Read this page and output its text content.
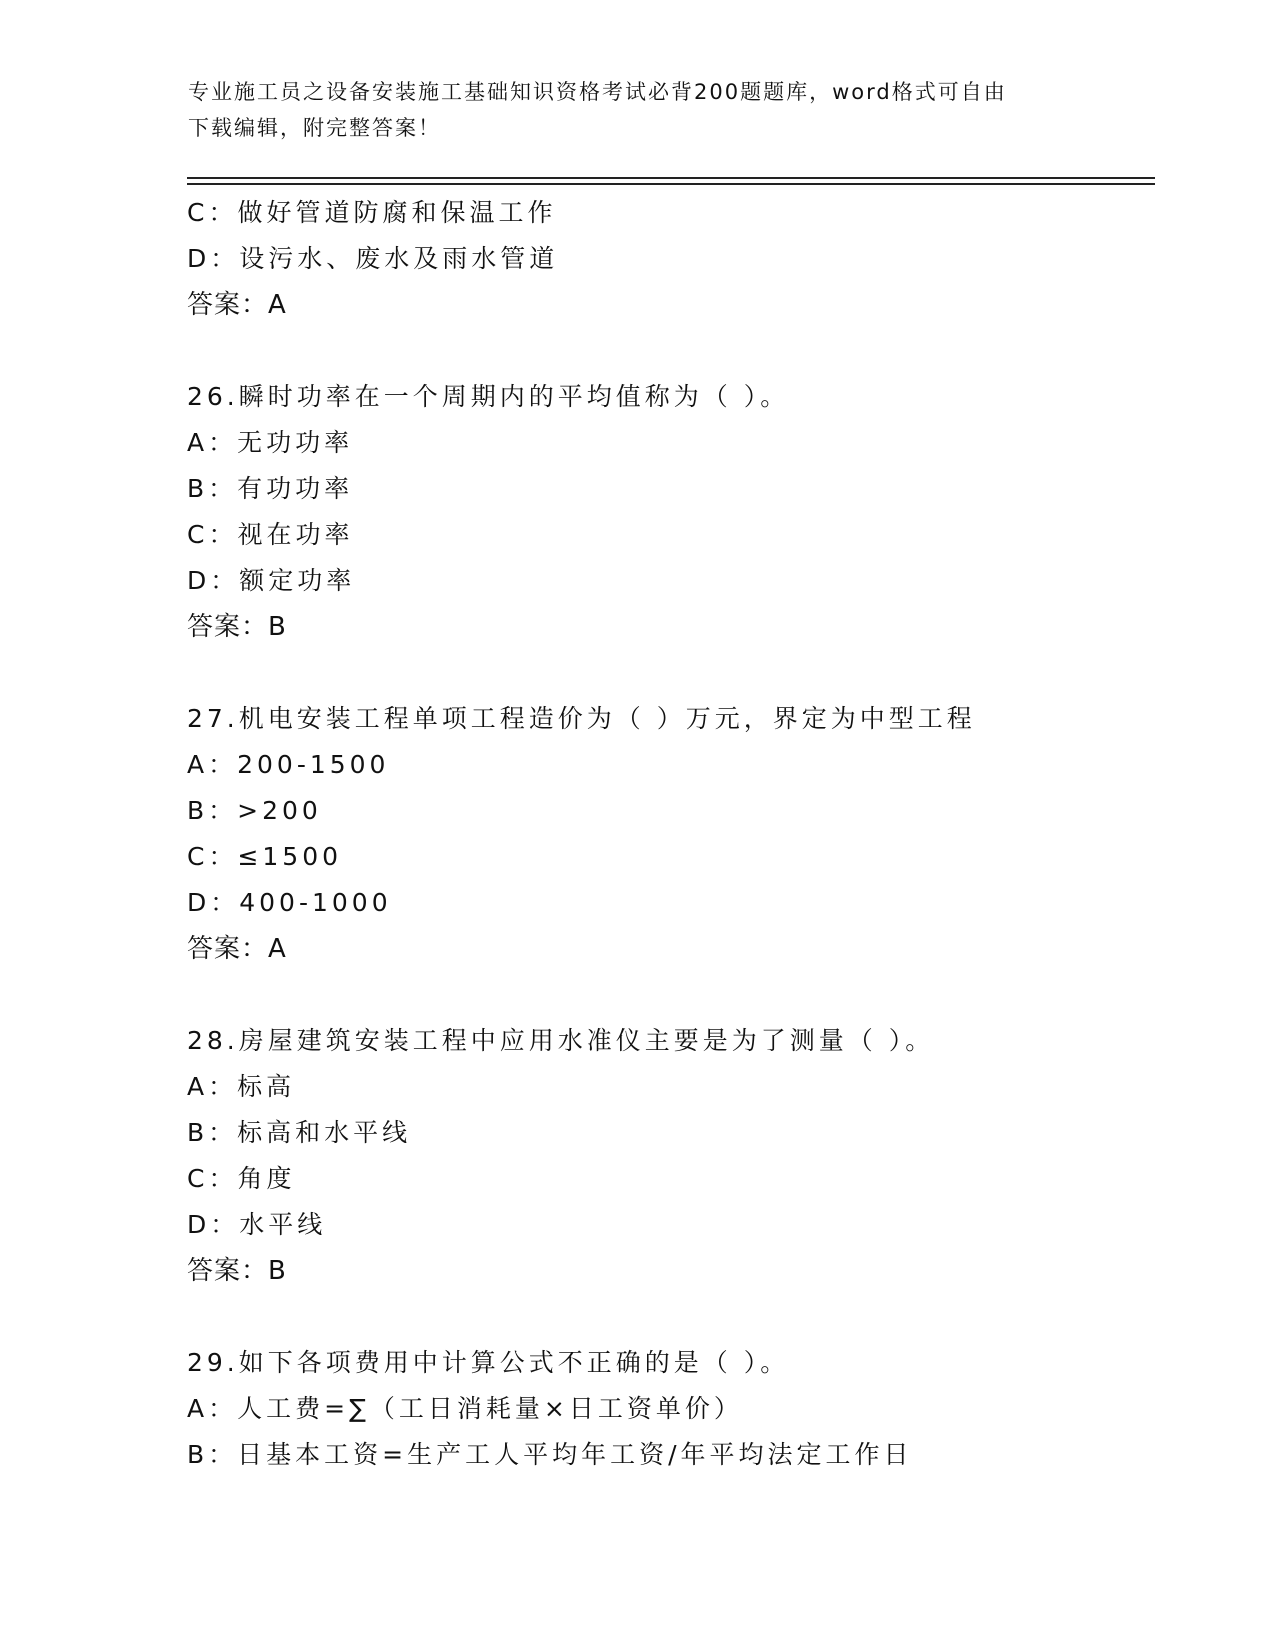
专业施工员之设备安装施工基础知识资格考试必背200题题库，word格式可自由
下载编辑，附完整答案！
C：做好管道防腐和保温工作
D：设污水、废水及雨水管道
答案：A
26.瞬时功率在一个周期内的平均值称为（ ）。
A：无功功率
B：有功功率
C：视在功率
D：额定功率
答案：B
27.机电安装工程单项工程造价为（ ）万元，界定为中型工程
A：200-1500
B：>200
C：≤1500
D：400-1000
答案：A
28.房屋建筑安装工程中应用水准仪主要是为了测量（ ）。
A：标高
B：标高和水平线
C：角度
D：水平线
答案：B
29.如下各项费用中计算公式不正确的是（ ）。
A：人工费=∑（工日消耗量×日工资单价）
B：日基本工资=生产工人平均年工资/年平均法定工作日
